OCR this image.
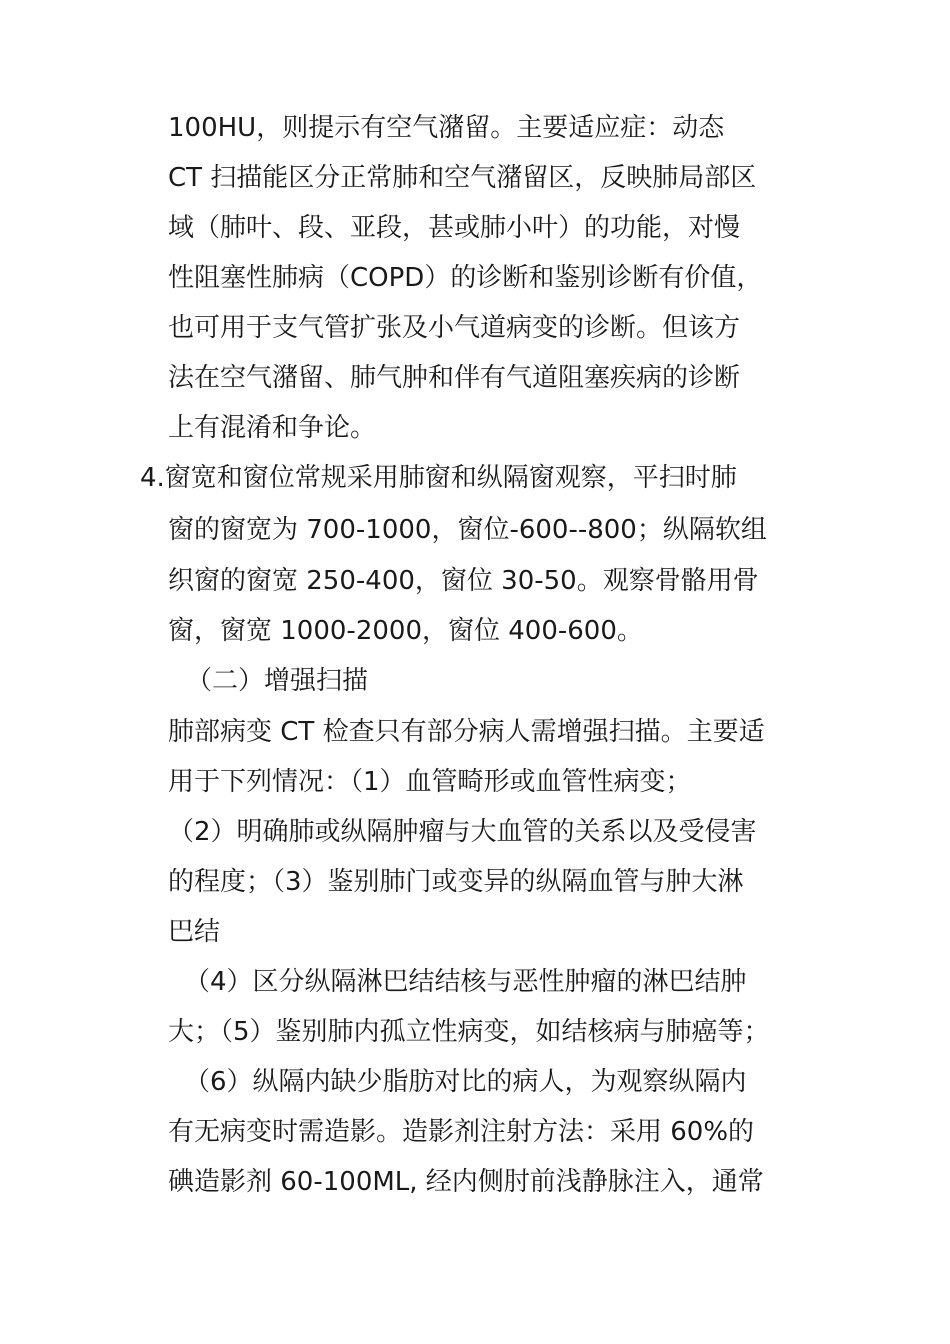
100HU，则提示有空气潴留。主要适应症：动态
CT 扫描能区分正常肺和空气潴留区，反映肺局部区
域（肺叶、段、亚段，甚或肺小叶）的功能，对慢
性阻塞性肺病（COPD）的诊断和鉴别诊断有价值，
也可用于支气管扩张及小气道病变的诊断。但该方
法在空气潴留、肺气肿和伴有气道阻塞疾病的诊断
上有混淆和争论。
4.窗宽和窗位常规采用肺窗和纵隔窗观察，平扫时肺
窗的窗宽为 700-1000，窗位-600--800；纵隔软组
织窗的窗宽 250-400，窗位 30-50。观察骨骼用骨
窗，窗宽 1000-2000，窗位 400-600。
（二）增强扫描
肺部病变 CT 检查只有部分病人需增强扫描。主要适
用于下列情况：（1）血管畸形或血管性病变；
（2）明确肺或纵隔肿瘤与大血管的关系以及受侵害
的程度；（3）鉴别肺门或变异的纵隔血管与肿大淋
巴结
（4）区分纵隔淋巴结结核与恶性肿瘤的淋巴结肿
大；（5）鉴别肺内孤立性病变，如结核病与肺癌等；
（6）纵隔内缺少脂肪对比的病人，为观察纵隔内
有无病变时需造影。造影剂注射方法：采用 60%的
碘造影剂 60-100ML, 经内侧肘前浅静脉注入，通常
